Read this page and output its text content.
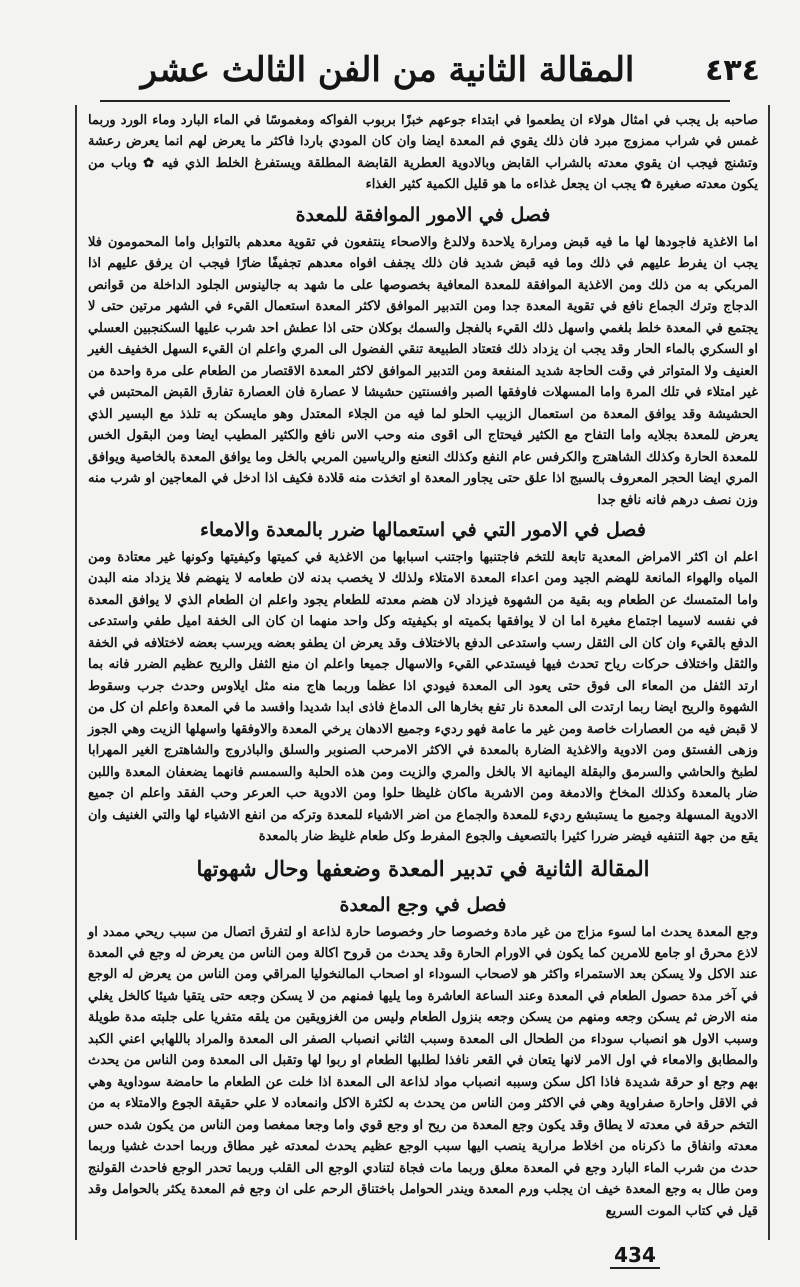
المقالة الثانية من الفن الثالث عشر	٤٣٤

صاحبه بل يجب في امثال هولاء ان يطعموا في ابتداء جوعهم خبزًا بربوب الفواكه ومغموسًا في الماء البارد وماء الورد وربما غمس في شراب ممزوج مبرد فان ذلك يقوي فم المعدة ايضا وان كان المودي باردا فاكثر ما يعرض لهم انما يعرض رعشة وتشنج فيجب ان يقوي معدته بالشراب القابض وبالادوية العطرية القابضة المطلقة ويستفرغ الخلط الذي فيه ✿ وباب من يكون معدته صغيرة ✿ يجب ان يجعل غذاءه ما هو قليل الكمية كثير الغذاء

فصل في الامور الموافقة للمعدة

اما الاغذية فاجودها لها ما فيه قبض ومرارة يلاحدة ولالدغ والاصحاء ينتفعون في تقوية معدهم بالتوابل واما المحمومون فلا يجب ان يفرط عليهم في ذلك وما فيه قبض شديد فان ذلك يجفف افواه معدهم تجفيفًا ضارًا فيجب ان يرفق عليهم اذا المربكي به من ذلك ومن الاغذية الموافقة للمعدة المعافية بخصوصها على ما شهد به جالينوس الجلود الداخلة من قوانص الدجاج وترك الجماع نافع في تقوية المعدة جدا ومن التدبير الموافق لاكثر المعدة استعمال القيء في الشهر مرتين حتى لا يجتمع في المعدة خلط بلغمي واسهل ذلك القيء بالفجل والسمك بوكلان حتى اذا عطش احد شرب عليها السكنجبين العسلي او السكري بالماء الحار وقد يجب ان يزداد ذلك فتعتاد الطبيعة تنقي الفضول الى المري واعلم ان القيء السهل الخفيف الغير العنيف ولا المتواتر في وقت الحاجة شديد المنفعة ومن التدبير الموافق لاكثر المعدة الاقتصار من الطعام على مرة واحدة من غير امتلاء في تلك المرة واما المسهلات فاوفقها الصبر وافسنتين حشيشا لا عصارة فان العصارة تفارق القبض المحتبس في الحشيشة وقد يوافق المعدة من استعمال الزبيب الحلو لما فيه من الجلاء المعتدل وهو مايسكن به تلذذ مع البسير الذي يعرض للمعدة بجلايه واما التفاح مع الكثير فيحتاج الى اقوى منه وحب الاس نافع والكثير المطيب ايضا ومن البقول الخس للمعدة الحارة وكذلك الشاهترج والكرفس عام النفع وكذلك النعنع والرياسين المربي بالخل وما يوافق المعدة بالخاصية ويوافق المري ايضا الحجر المعروف بالسبج اذا علق حتى يجاور المعدة او اتخذت منه قلادة فكيف اذا ادخل في المعاجين او شرب منه وزن نصف درهم فانه نافع جدا

فصل في الامور التي في استعمالها ضرر بالمعدة والامعاء

اعلم ان اكثر الامراض المعدية تابعة للتخم فاجتنبها واجتنب اسبابها من الاغذية في كميتها وكيفيتها وكونها غير معتادة ومن المياه والهواء المانعة للهضم الجيد ومن اعداء المعدة الامتلاء ولذلك لا يخصب بدنه لان طعامه لا ينهضم فلا يزداد منه البدن واما المتمسك عن الطعام وبه بقية من الشهوة فيزداد لان هضم معدته للطعام يجود واعلم ان الطعام الذي لا يوافق المعدة في نفسه لاسيما اجتماع مغيرة اما ان لا يوافقها بكميته او بكيفيته وكل واحد منهما ان كان الى الخفة اميل طفي واستدعى الدفع بالقيء وان كان الى الثقل رسب واستدعى الدفع بالاختلاف وقد يعرض ان يطفو بعضه ويرسب بعضه لاختلافه في الخفة والثقل واختلاف حركات رياح تحدث فيها فيستدعي القيء والاسهال جميعا واعلم ان منع الثفل والريح عظيم الضرر فانه بما ارتد الثفل من المعاء الى فوق حتى يعود الى المعدة فيودي اذا عظما وربما هاج منه مثل ايلاوس وحدث جرب وسقوط الشهوة والريح ايضا ربما ارتدت الى المعدة نار تفع بخارها الى الدماغ فاذى ابدا شديدا وافسد ما في المعدة واعلم ان كل من لا قبض فيه من العصارات خاصة ومن غير ما عامة فهو رديء وجميع الادهان يرخي المعدة والاوفقها واسهلها الزيت وهي الجوز وزهى الفستق ومن الادوية والاغذية الضارة بالمعدة في الاكثر الامرحب الصنوبر والسلق والباذروج والشاهترج الغير المهرابا لطبخ والحاشي والسرمق والبقلة اليمانية الا بالخل والمري والزيت ومن هذه الحلبة والسمسم فانهما يضعفان المعدة واللبن ضار بالمعدة وكذلك المخاخ والادمغة ومن الاشربة ماكان غليظا حلوا ومن الادوية حب العرعر وحب الفقد واعلم ان جميع الادوية المسهلة وجميع ما يستبشع رديء للمعدة والجماع من اضر الاشياء للمعدة وتركه من انفع الاشياء لها والتي الغنيف وان يقع من جهة التنفيه فيضر ضررا كثيرا بالتصعيف والجوع المفرط وكل طعام غليظ ضار بالمعدة

المقالة الثانية في تدبير المعدة وضعفها وحال شهوتها
فصل في وجع المعدة

وجع المعدة يحدث اما لسوء مزاج من غير مادة وخصوصا حار وخصوصا حارة لذاعة او لتفرق اتصال من سبب ريحي ممدد او لاذع محرق او جامع للامرين كما يكون في الاورام الحارة وقد يحدث من قروح اكالة ومن الناس من يعرض له وجع في المعدة عند الاكل ولا يسكن بعد الاستمراء واكثر هو لاصحاب السوداء او اصحاب المالنخوليا المراقي ومن الناس من يعرض له الوجع في آخر مدة حصول الطعام في المعدة وعند الساعة العاشرة وما يليها فمنهم من لا يسكن وجعه حتى يتقيا شيئا كالخل يغلي منه الارض ثم يسكن وجعه ومنهم من يسكن وجعه بنزول الطعام وليس من الغزويقين من يلقه متفريا على جلبته مدة طويلة وسبب الاول هو انصباب سوداء من الطحال الى المعدة وسبب الثاني انصباب الصفر الى المعدة والمراد باللهابي اعني الكبد والمطابق والامعاء في اول الامر لانها يتعان في القعر نافذا لطلبها الطعام او ربوا لها وتقبل الى المعدة ومن الناس من يحدث بهم وجع او حرقة شديدة فاذا اكل سكن وسببه انصباب مواد لذاعة الى المعدة اذا خلت عن الطعام ما حامضة سوداوية وهي في الاقل واحارة صفراوية وهي في الاكثر ومن الناس من يحدث به لكثرة الاكل وانمعاده لا علي حقيقة الجوع والامتلاء به من التخم حرقة في معدته لا يطاق وقد يكون وجع المعدة من ريح او وجع قوي واما وجعا ممغصا ومن الناس من يكون شده حس معدته وانفاق ما ذكرناه من اخلاط مرارية ينصب اليها سبب الوجع عظيم يحدث لمعدته غير مطاق وربما احدث غشيا وربما حدث من شرب الماء البارد وجع في المعدة معلق وربما مات فجاة لتنادي الوجع الى القلب وربما تحدر الوجع فاحدث القولنج ومن طال به وجع المعدة خيف ان يجلب ورم المعدة ويندر الحوامل باختناق الرحم على ان وجع فم المعدة يكثر بالحوامل وقد قيل في كتاب الموت السريع

434
